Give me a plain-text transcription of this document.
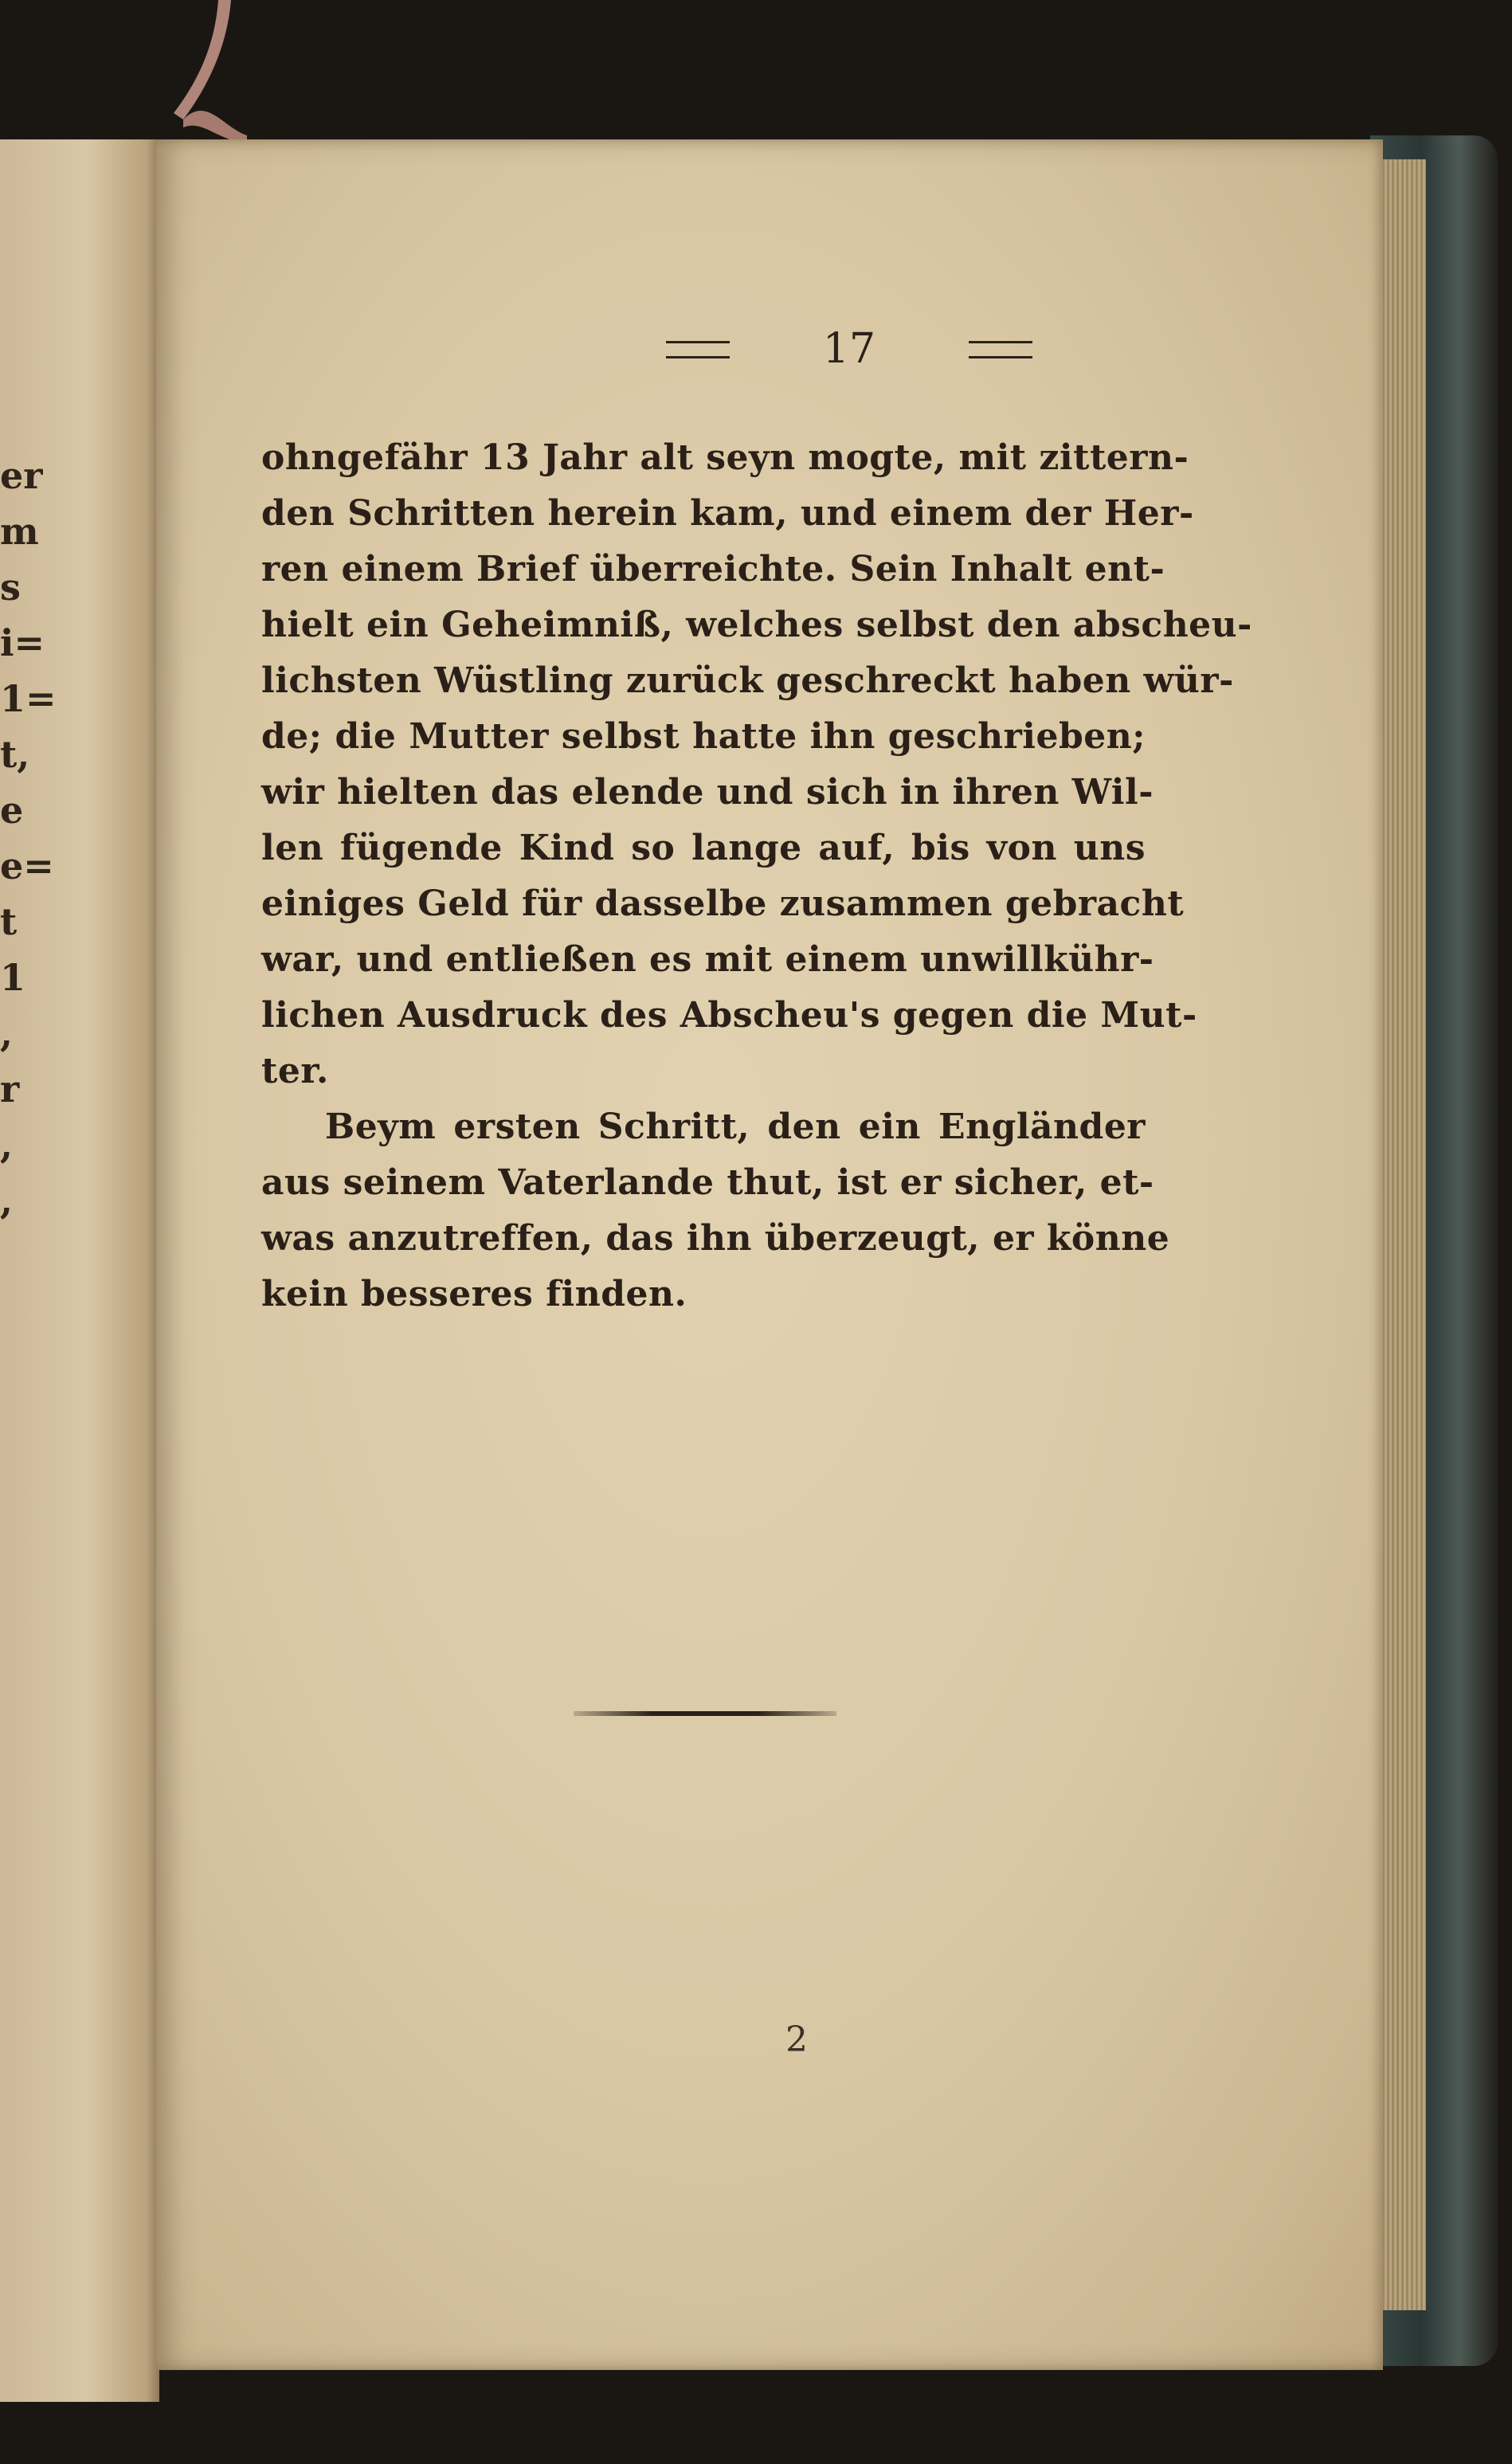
er
m
s
i=
1=
t,
e
e=
t
1
,
r
,
,
17
ohngefähr 13 Jahr alt seyn mogte, mit zittern-
den Schritten herein kam, und einem der Her-
ren einem Brief überreichte. Sein Inhalt ent-
hielt ein Geheimniß, welches selbst den abscheu-
lichsten Wüstling zurück geschreckt haben wür-
de; die Mutter selbst hatte ihn geschrieben;
wir hielten das elende und sich in ihren Wil-
len fügende Kind so lange auf, bis von uns
einiges Geld für dasselbe zusammen gebracht
war, und entließen es mit einem unwillkühr-
lichen Ausdruck des Abscheu's gegen die Mut-
ter.
Beym ersten Schritt, den ein Engländer
aus seinem Vaterlande thut, ist er sicher, et-
was anzutreffen, das ihn überzeugt, er könne
kein besseres finden.
2
